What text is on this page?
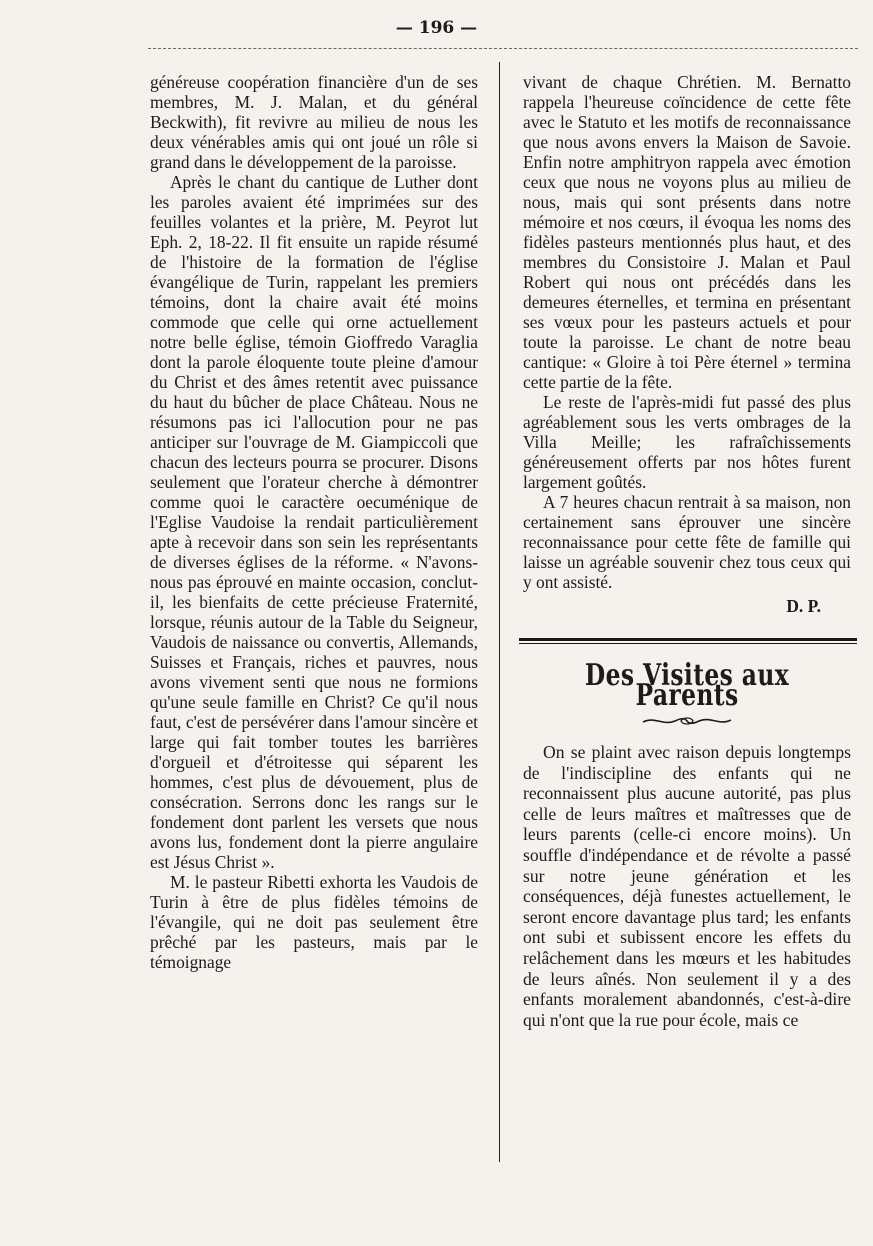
— 196 —

généreuse coopération financière d'un de ses membres, M. J. Malan, et du général Beckwith), fit revivre au milieu de nous les deux vénérables amis qui ont joué un rôle si grand dans le développement de la paroisse.

Après le chant du cantique de Luther dont les paroles avaient été imprimées sur des feuilles volantes et la prière, M. Peyrot lut Eph. 2, 18-22. Il fit ensuite un rapide résumé de l'histoire de la formation de l'église évangélique de Turin, rappelant les premiers témoins, dont la chaire avait été moins commode que celle qui orne actuellement notre belle église, témoin Gioffredo Varaglia dont la parole éloquente toute pleine d'amour du Christ et des âmes retentit avec puissance du haut du bûcher de place Château. Nous ne résumons pas ici l'allocution pour ne pas anticiper sur l'ouvrage de M. Giampiccoli que chacun des lecteurs pourra se procurer. Disons seulement que l'orateur cherche à démontrer comme quoi le caractère oecuménique de l'Eglise Vaudoise la rendait particulièrement apte à recevoir dans son sein les représentants de diverses églises de la réforme. « N'avons-nous pas éprouvé en mainte occasion, conclut-il, les bienfaits de cette précieuse Fraternité, lorsque, réunis autour de la Table du Seigneur, Vaudois de naissance ou convertis, Allemands, Suisses et Français, riches et pauvres, nous avons vivement senti que nous ne formions qu'une seule famille en Christ? Ce qu'il nous faut, c'est de persévérer dans l'amour sincère et large qui fait tomber toutes les barrières d'orgueil et d'étroitesse qui séparent les hommes, c'est plus de dévouement, plus de consécration. Serrons donc les rangs sur le fondement dont parlent les versets que nous avons lus, fondement dont la pierre angulaire est Jésus Christ ».

M. le pasteur Ribetti exhorta les Vaudois de Turin à être de plus fidèles témoins de l'évangile, qui ne doit pas seulement être prêché par les pasteurs, mais par le témoignage

vivant de chaque Chrétien. M. Bernatto rappela l'heureuse coïncidence de cette fête avec le Statuto et les motifs de reconnaissance que nous avons envers la Maison de Savoie. Enfin notre amphitryon rappela avec émotion ceux que nous ne voyons plus au milieu de nous, mais qui sont présents dans notre mémoire et nos cœurs, il évoqua les noms des fidèles pasteurs mentionnés plus haut, et des membres du Consistoire J. Malan et Paul Robert qui nous ont précédés dans les demeures éternelles, et termina en présentant ses vœux pour les pasteurs actuels et pour toute la paroisse. Le chant de notre beau cantique: « Gloire à toi Père éternel » termina cette partie de la fête.

Le reste de l'après-midi fut passé des plus agréablement sous les verts ombrages de la Villa Meille; les rafraîchissements généreusement offerts par nos hôtes furent largement goûtés.

A 7 heures chacun rentrait à sa maison, non certainement sans éprouver une sincère reconnaissance pour cette fête de famille qui laisse un agréable souvenir chez tous ceux qui y ont assisté.

D. P.

Des Visites aux Parents

On se plaint avec raison depuis longtemps de l'indiscipline des enfants qui ne reconnaissent plus aucune autorité, pas plus celle de leurs maîtres et maîtresses que de leurs parents (celle-ci encore moins). Un souffle d'indépendance et de révolte a passé sur notre jeune génération et les conséquences, déjà funestes actuellement, le seront encore davantage plus tard; les enfants ont subi et subissent encore les effets du relâchement dans les mœurs et les habitudes de leurs aînés. Non seulement il y a des enfants moralement abandonnés, c'est-à-dire qui n'ont que la rue pour école, mais ce
